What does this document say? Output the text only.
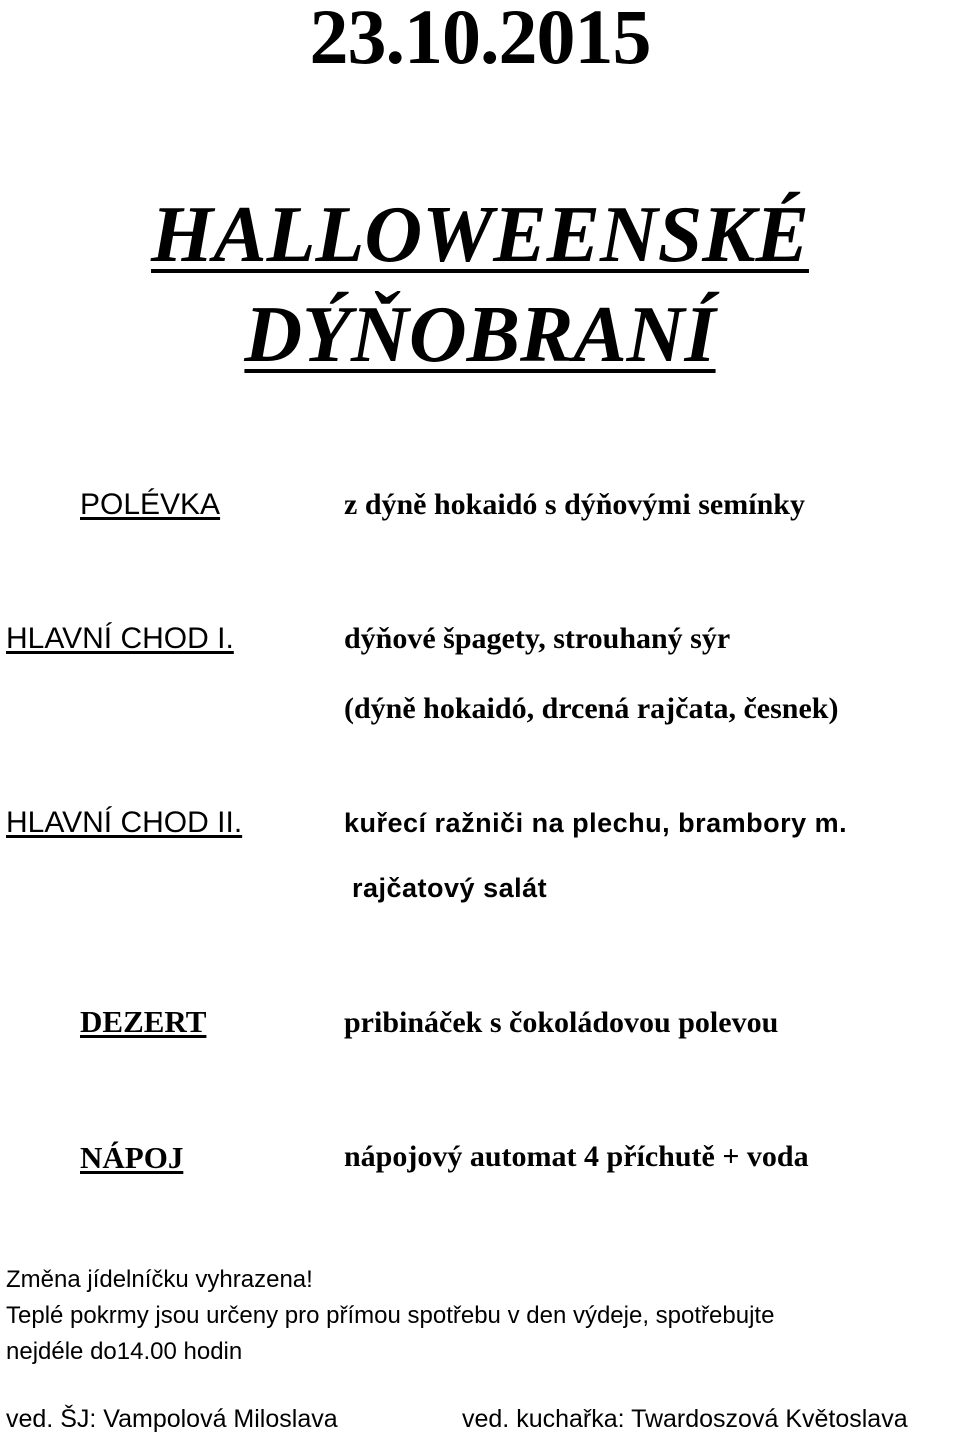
23.10.2015
HALLOWEENSKÉ
DÝŇOBRANÍ
POLÉVKA	z dýně hokaidó s dýňovými semínky
HLAVNÍ CHOD I.	dýňové špagety, strouhaný sýr
(dýně hokaidó, drcená rajčata, česnek)
HLAVNÍ CHOD II.	kuřecí ražniči na plechu, brambory m.
rajčatový salát
DEZERT	pribináček s čokoládovou polevou
NÁPOJ	nápojový automat 4 příchutě + voda
Změna jídelníčku vyhrazena!
Teplé pokrmy jsou určeny pro přímou spotřebu v den výdeje, spotřebujte
nejdéle do14.00 hodin
ved. ŠJ: Vampolová Miloslava	ved. kuchařka: Twardoszová Květoslava
